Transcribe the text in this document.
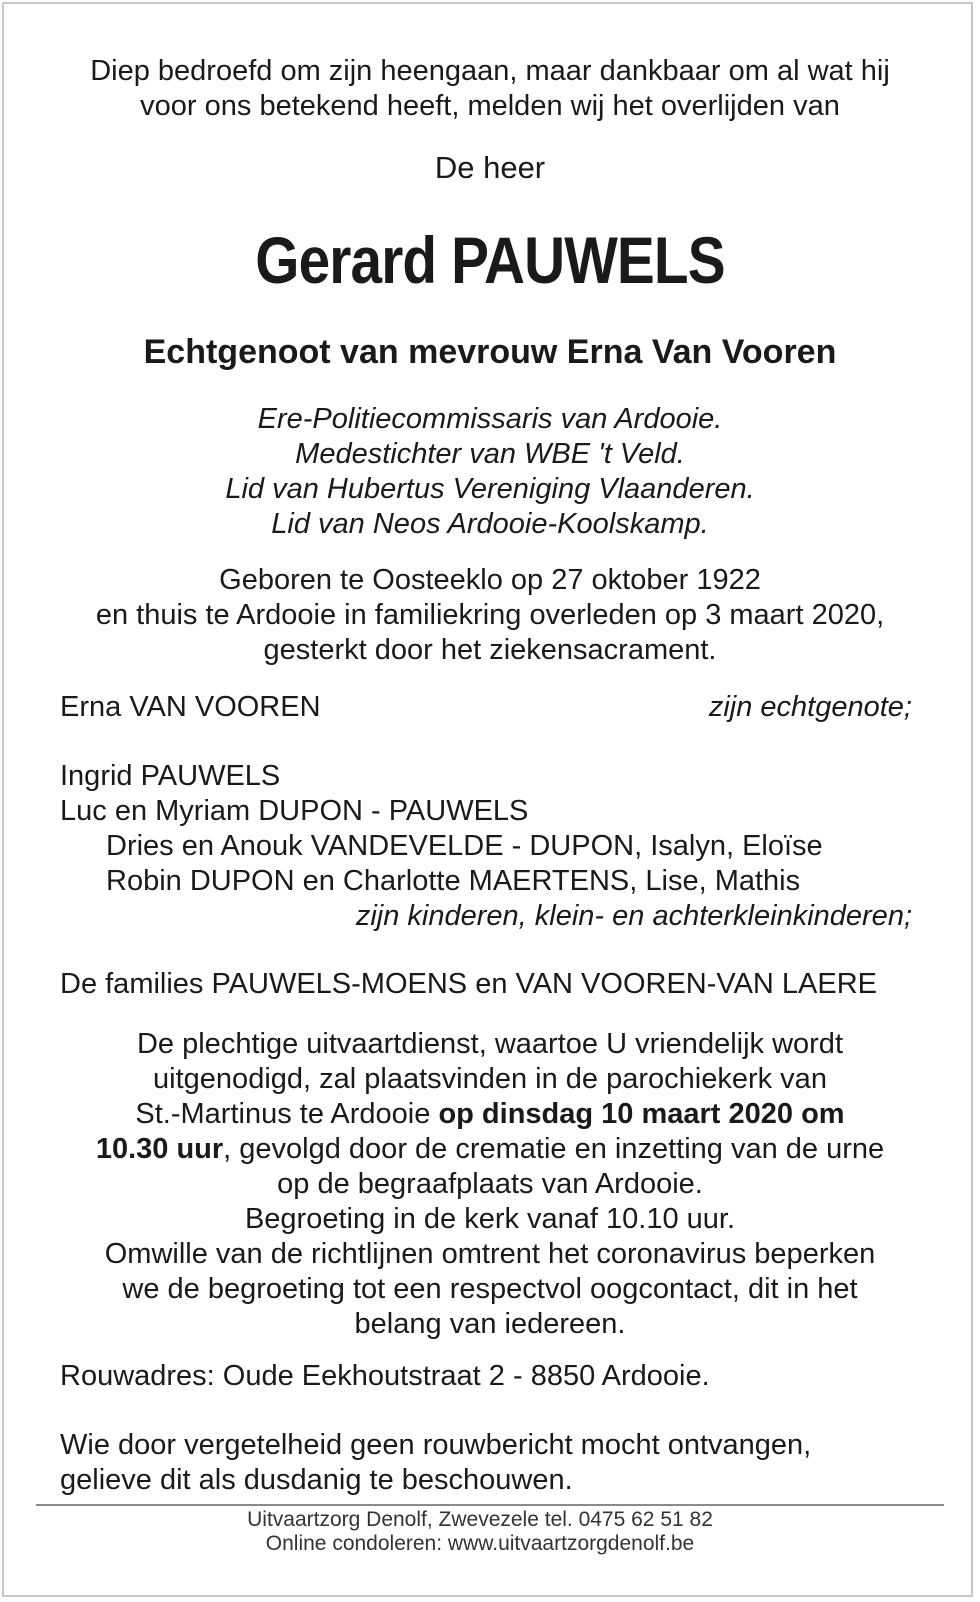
Diep bedroefd om zijn heengaan, maar dankbaar om al wat hij
voor ons betekend heeft, melden wij het overlijden van
De heer
Gerard PAUWELS
Echtgenoot van mevrouw Erna Van Vooren
Ere-Politiecommissaris van Ardooie.
Medestichter van WBE 't Veld.
Lid van Hubertus Vereniging Vlaanderen.
Lid van Neos Ardooie-Koolskamp.
Geboren te Oosteeklo op 27 oktober 1922
en thuis te Ardooie in familiekring overleden op 3 maart 2020,
gesterkt door het ziekensacrament.
Erna VAN VOOREN	zijn echtgenote;
Ingrid PAUWELS
Luc en Myriam DUPON - PAUWELS
Dries en Anouk VANDEVELDE - DUPON, Isalyn, Eloïse
Robin DUPON en Charlotte MAERTENS, Lise, Mathis
zijn kinderen, klein- en achterkleinkinderen;
De families PAUWELS-MOENS en VAN VOOREN-VAN LAERE
De plechtige uitvaartdienst, waartoe U vriendelijk wordt
uitgenodigd, zal plaatsvinden in de parochiekerk van
St.-Martinus te Ardooie op dinsdag 10 maart 2020 om
10.30 uur, gevolgd door de crematie en inzetting van de urne
op de begraafplaats van Ardooie.
Begroeting in de kerk vanaf 10.10 uur.
Omwille van de richtlijnen omtrent het coronavirus beperken
we de begroeting tot een respectvol oogcontact, dit in het
belang van iedereen.
Rouwadres: Oude Eekhoutstraat 2 - 8850 Ardooie.
Wie door vergetelheid geen rouwbericht mocht ontvangen,
gelieve dit als dusdanig te beschouwen.
Uitvaartzorg Denolf, Zwevezele tel. 0475 62 51 82
Online condoleren: www.uitvaartzorgdenolf.be
